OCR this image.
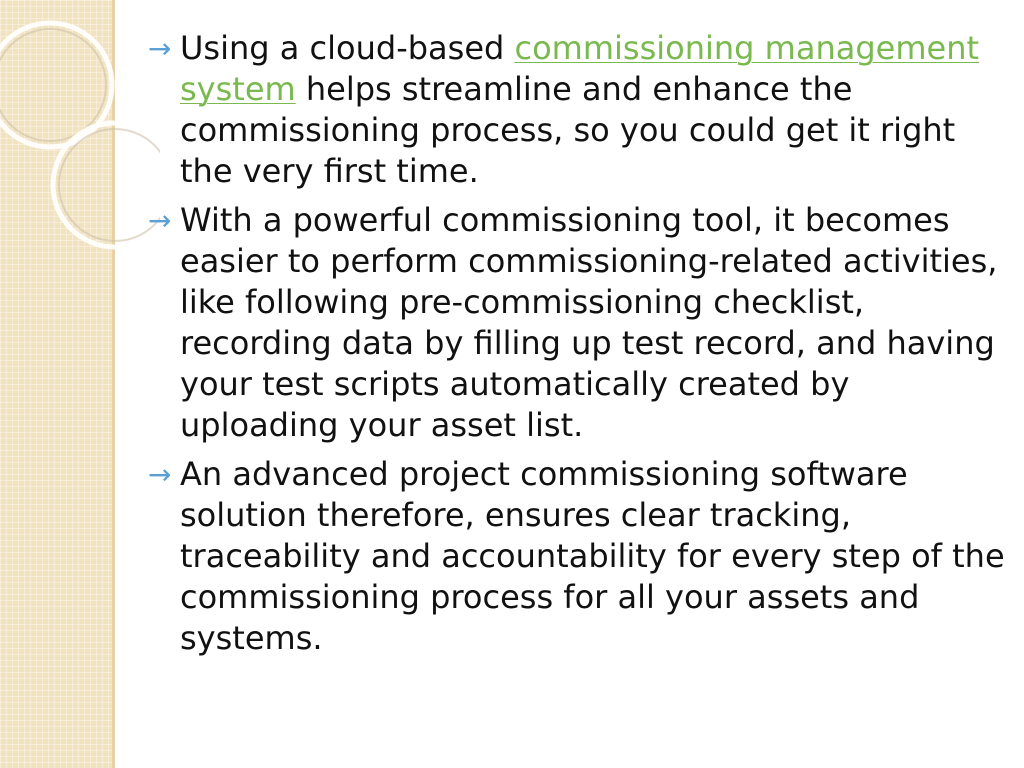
→ Using a cloud-based commissioning management system helps streamline and enhance the commissioning process, so you could get it right the very first time.
→ With a powerful commissioning tool, it becomes easier to perform commissioning-related activities, like following pre-commissioning checklist, recording data by filling up test record, and having your test scripts automatically created by uploading your asset list.
→ An advanced project commissioning software solution therefore, ensures clear tracking, traceability and accountability for every step of the commissioning process for all your assets and systems.
